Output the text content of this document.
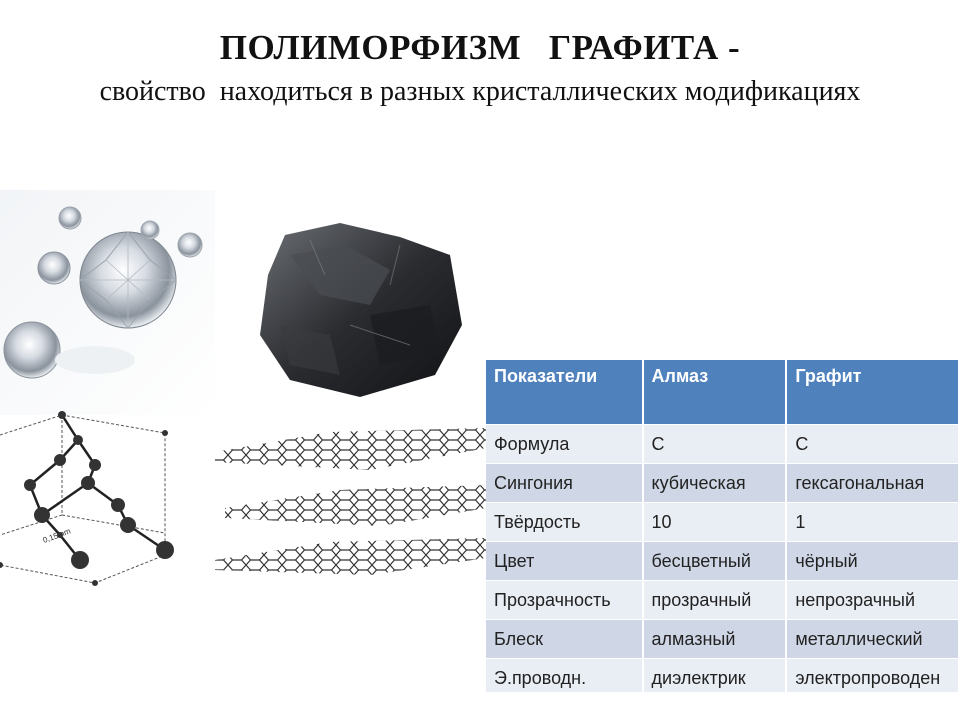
ПОЛИМОРФИЗМ   ГРАФИТА -
свойство  находиться в разных кристаллических модификациях
0,15 nm
Показатели	Алмаз	Графит
Формула	C	C
Сингония	кубическая	гексагональная
Твёрдость	10	1
Цвет	бесцветный	чёрный
Прозрачность	прозрачный	непрозрачный
Блеск	алмазный	металлический
Э.проводн.	диэлектрик	электропроводен
